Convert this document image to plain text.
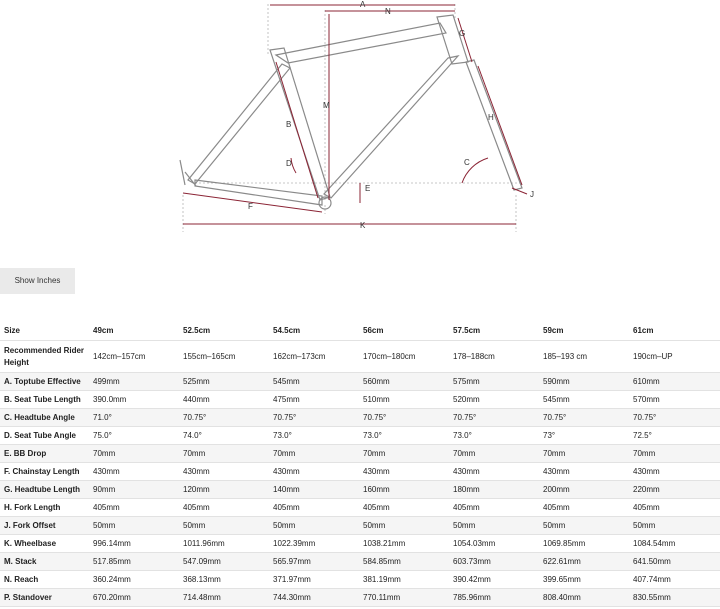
A
N
G
M
B
H
D	C
E
F
J
K
Show Inches
Size	49cm	52.5cm	54.5cm	56cm	57.5cm	59cm	61cm
Recommended Rider Height	142cm–157cm	155cm–165cm	162cm–173cm	170cm–180cm	178–188cm	185–193 cm	190cm–UP
A. Toptube Effective	499mm	525mm	545mm	560mm	575mm	590mm	610mm
B. Seat Tube Length	390.0mm	440mm	475mm	510mm	520mm	545mm	570mm
C. Headtube Angle	71.0°	70.75°	70.75°	70.75°	70.75°	70.75°	70.75°
D. Seat Tube Angle	75.0°	74.0°	73.0°	73.0°	73.0°	73°	72.5°
E. BB Drop	70mm	70mm	70mm	70mm	70mm	70mm	70mm
F. Chainstay Length	430mm	430mm	430mm	430mm	430mm	430mm	430mm
G. Headtube Length	90mm	120mm	140mm	160mm	180mm	200mm	220mm
H. Fork Length	405mm	405mm	405mm	405mm	405mm	405mm	405mm
J. Fork Offset	50mm	50mm	50mm	50mm	50mm	50mm	50mm
K. Wheelbase	996.14mm	1011.96mm	1022.39mm	1038.21mm	1054.03mm	1069.85mm	1084.54mm
M. Stack	517.85mm	547.09mm	565.97mm	584.85mm	603.73mm	622.61mm	641.50mm
N. Reach	360.24mm	368.13mm	371.97mm	381.19mm	390.42mm	399.65mm	407.74mm
P. Standover	670.20mm	714.48mm	744.30mm	770.11mm	785.96mm	808.40mm	830.55mm
